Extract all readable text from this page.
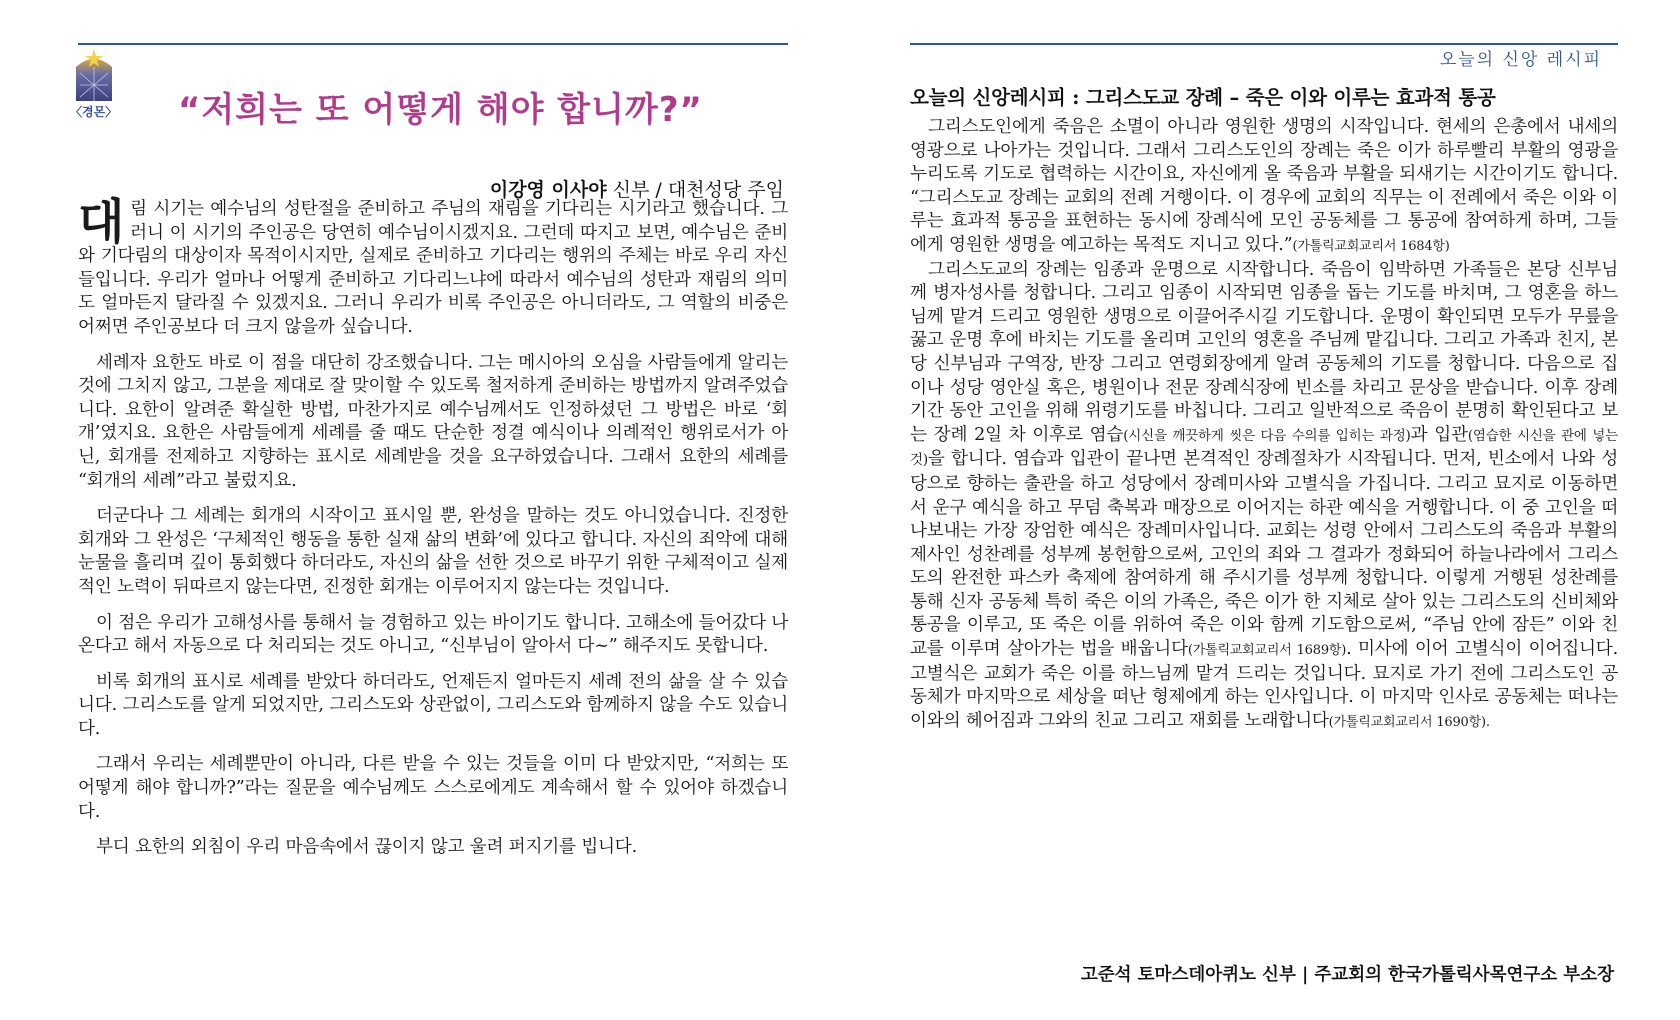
〈경몬〉 “저희는 또 어떻게 해야 합니까?”
이강영 이사야 신부 / 대천성당 주임

대림 시기는 예수님의 성탄절을 준비하고 주님의 재림을 기다리는 시기라고 했습니다. 그러니 이 시기의 주인공은 당연히 예수님이시겠지요. 그런데 따지고 보면, 예수님은 준비와 기다림의 대상이자 목적이시지만, 실제로 준비하고 기다리는 행위의 주체는 바로 우리 자신들입니다. 우리가 얼마나 어떻게 준비하고 기다리느냐에 따라서 예수님의 성탄과 재림의 의미도 얼마든지 달라질 수 있겠지요. 그러니 우리가 비록 주인공은 아니더라도, 그 역할의 비중은 어쩌면 주인공보다 더 크지 않을까 싶습니다.

세례자 요한도 바로 이 점을 대단히 강조했습니다. 그는 메시아의 오심을 사람들에게 알리는 것에 그치지 않고, 그분을 제대로 잘 맞이할 수 있도록 철저하게 준비하는 방법까지 알려주었습니다. 요한이 알려준 확실한 방법, 마찬가지로 예수님께서도 인정하셨던 그 방법은 바로 ‘회개’였지요. 요한은 사람들에게 세례를 줄 때도 단순한 정결 예식이나 의례적인 행위로서가 아닌, 회개를 전제하고 지향하는 표시로 세례받을 것을 요구하였습니다. 그래서 요한의 세례를 “회개의 세례”라고 불렀지요.

더군다나 그 세례는 회개의 시작이고 표시일 뿐, 완성을 말하는 것도 아니었습니다. 진정한 회개와 그 완성은 ‘구체적인 행동을 통한 실재 삶의 변화’에 있다고 합니다. 자신의 죄악에 대해 눈물을 흘리며 깊이 통회했다 하더라도, 자신의 삶을 선한 것으로 바꾸기 위한 구체적이고 실제적인 노력이 뒤따르지 않는다면, 진정한 회개는 이루어지지 않는다는 것입니다.

이 점은 우리가 고해성사를 통해서 늘 경험하고 있는 바이기도 합니다. 고해소에 들어갔다 나온다고 해서 자동으로 다 처리되는 것도 아니고, “신부님이 알아서 다~” 해주지도 못합니다.

비록 회개의 표시로 세례를 받았다 하더라도, 언제든지 얼마든지 세례 전의 삶을 살 수 있습니다. 그리스도를 알게 되었지만, 그리스도와 상관없이, 그리스도와 함께하지 않을 수도 있습니다.

그래서 우리는 세례뿐만이 아니라, 다른 받을 수 있는 것들을 이미 다 받았지만, “저희는 또 어떻게 해야 합니까?”라는 질문을 예수님께도 스스로에게도 계속해서 할 수 있어야 하겠습니다.

부디 요한의 외침이 우리 마음속에서 끊이지 않고 울려 퍼지기를 빕니다.

오늘의 신앙 레시피
오늘의 신앙레시피 : 그리스도교 장례 – 죽은 이와 이루는 효과적 통공

그리스도인에게 죽음은 소멸이 아니라 영원한 생명의 시작입니다. 현세의 은총에서 내세의 영광으로 나아가는 것입니다. 그래서 그리스도인의 장례는 죽은 이가 하루빨리 부활의 영광을 누리도록 기도로 협력하는 시간이요, 자신에게 올 죽음과 부활을 되새기는 시간이기도 합니다. “그리스도교 장례는 교회의 전례 거행이다. 이 경우에 교회의 직무는 이 전례에서 죽은 이와 이루는 효과적 통공을 표현하는 동시에 장례식에 모인 공동체를 그 통공에 참여하게 하며, 그들에게 영원한 생명을 예고하는 목적도 지니고 있다.”(가톨릭교회교리서 1684항)

그리스도교의 장례는 임종과 운명으로 시작합니다. 죽음이 임박하면 가족들은 본당 신부님께 병자성사를 청합니다. 그리고 임종이 시작되면 임종을 돕는 기도를 바치며, 그 영혼을 하느님께 맡겨 드리고 영원한 생명으로 이끌어주시길 기도합니다. 운명이 확인되면 모두가 무릎을 꿇고 운명 후에 바치는 기도를 올리며 고인의 영혼을 주님께 맡깁니다. 그리고 가족과 친지, 본당 신부님과 구역장, 반장 그리고 연령회장에게 알려 공동체의 기도를 청합니다. 다음으로 집이나 성당 영안실 혹은, 병원이나 전문 장례식장에 빈소를 차리고 문상을 받습니다. 이후 장례 기간 동안 고인을 위해 위령기도를 바칩니다. 그리고 일반적으로 죽음이 분명히 확인된다고 보는 장례 2일 차 이후로 염습(시신을 깨끗하게 씻은 다음 수의를 입히는 과정)과 입관(염습한 시신을 관에 넣는 것)을 합니다. 염습과 입관이 끝나면 본격적인 장례절차가 시작됩니다. 먼저, 빈소에서 나와 성당으로 향하는 출관을 하고 성당에서 장례미사와 고별식을 가집니다. 그리고 묘지로 이동하면서 운구 예식을 하고 무덤 축복과 매장으로 이어지는 하관 예식을 거행합니다. 이 중 고인을 떠나보내는 가장 장엄한 예식은 장례미사입니다. 교회는 성령 안에서 그리스도의 죽음과 부활의 제사인 성찬례를 성부께 봉헌함으로써, 고인의 죄와 그 결과가 정화되어 하늘나라에서 그리스도의 완전한 파스카 축제에 참여하게 해 주시기를 성부께 청합니다. 이렇게 거행된 성찬례를 통해 신자 공동체 특히 죽은 이의 가족은, 죽은 이가 한 지체로 살아 있는 그리스도의 신비체와 통공을 이루고, 또 죽은 이를 위하여 죽은 이와 함께 기도함으로써, “주님 안에 잠든” 이와 친교를 이루며 살아가는 법을 배웁니다(가톨릭교회교리서 1689항). 미사에 이어 고별식이 이어집니다. 고별식은 교회가 죽은 이를 하느님께 맡겨 드리는 것입니다. 묘지로 가기 전에 그리스도인 공동체가 마지막으로 세상을 떠난 형제에게 하는 인사입니다. 이 마지막 인사로 공동체는 떠나는 이와의 헤어짐과 그와의 친교 그리고 재회를 노래합니다(가톨릭교회교리서 1690항).

고준석 토마스데아퀴노 신부 | 주교회의 한국가톨릭사목연구소 부소장
